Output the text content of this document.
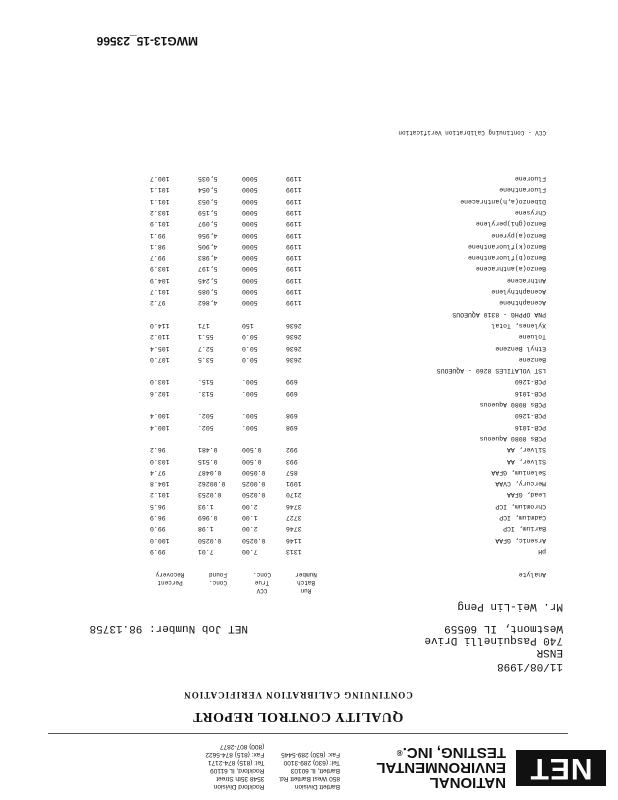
NET
NATIONAL
ENVIRONMENTAL
TESTING, INC.®
Bartlett Division
850 West Bartlett Rd.
Bartlett, IL 60103
Tel: (630) 289-3100
Fax: (630) 289-5445
Rockford Division
3548 35th Street
Rockford, IL 61109
Tel: (815) 874-2171
Fax: (815) 874-5622
(800) 807-2877
QUALITY CONTROL REPORT
CONTINUING CALIBRATION VERIFICATION
11/08/1998
ENSR
740 Pasquinelli Drive
Westmont, IL 60559
NET Job Number: 98.13758
Mr. Wei-Lin Peng
Analyte
Run
Batch
Number
CCV
True
Conc.
Conc.
Found
Percent
Recovery
pH
1313
7.00
7.01
99.9
Arsenic, GFAA
1146
0.0250
0.0250
100.0
Barium, ICP
3746
2.00
1.98
99.0
Cadmium, ICP
3727
1.00
0.969
96.9
Chromium, ICP
3746
2.00
1.93
96.5
Lead, GFAA
2170
0.0250
0.0253
101.2
Mercury, CVAA
1091
0.0025
0.00262
104.8
Selenium, GFAA
857
0.0500
0.0487
97.4
Silver, AA
993
0.500
0.515
103.0
Silver, AA
992
0.500
0.481
96.2
PCBs 8080 Aqueous
PCB-1016
698
500.
502.
100.4
PCB-1260
698
500.
502.
100.4
PCBs 8080 Aqueous
PCB-1016
699
500.
513.
102.6
PCB-1260
699
500.
515.
103.0
LST VOLATILES 8260 - AQUEOUS
Benzene
2636
50.0
53.5
107.0
Ethyl Benzene
2636
50.0
52.7
105.4
Toluene
2636
50.0
55.1
110.2
Xylenes, Total
2636
150
171
114.0
PNA OPPHG - 8310 AQUEOUS
Acenaphthene
1199
5000
4,862
97.2
Acenaphthylene
1199
5000
5,085
101.7
Anthracene
1199
5000
5,245
104.9
Benzo(a)anthracene
1199
5000
5,197
103.9
Benzo(b)fluoranthene
1199
5000
4,983
99.7
Benzo(k)fluoranthene
1199
5000
4,905
98.1
Benzo(a)pyrene
1199
5000
4,956
99.1
Benzo(ghi)perylene
1199
5000
5,097
101.9
Chrysene
1199
5000
5,159
103.2
Dibenzo(a,h)anthracene
1199
5000
5,053
101.1
Fluoranthene
1199
5000
5,054
101.1
Fluorene
1199
5000
5,035
100.7
CCV - Continuing Calibration Verification
MWG13-15_23566
